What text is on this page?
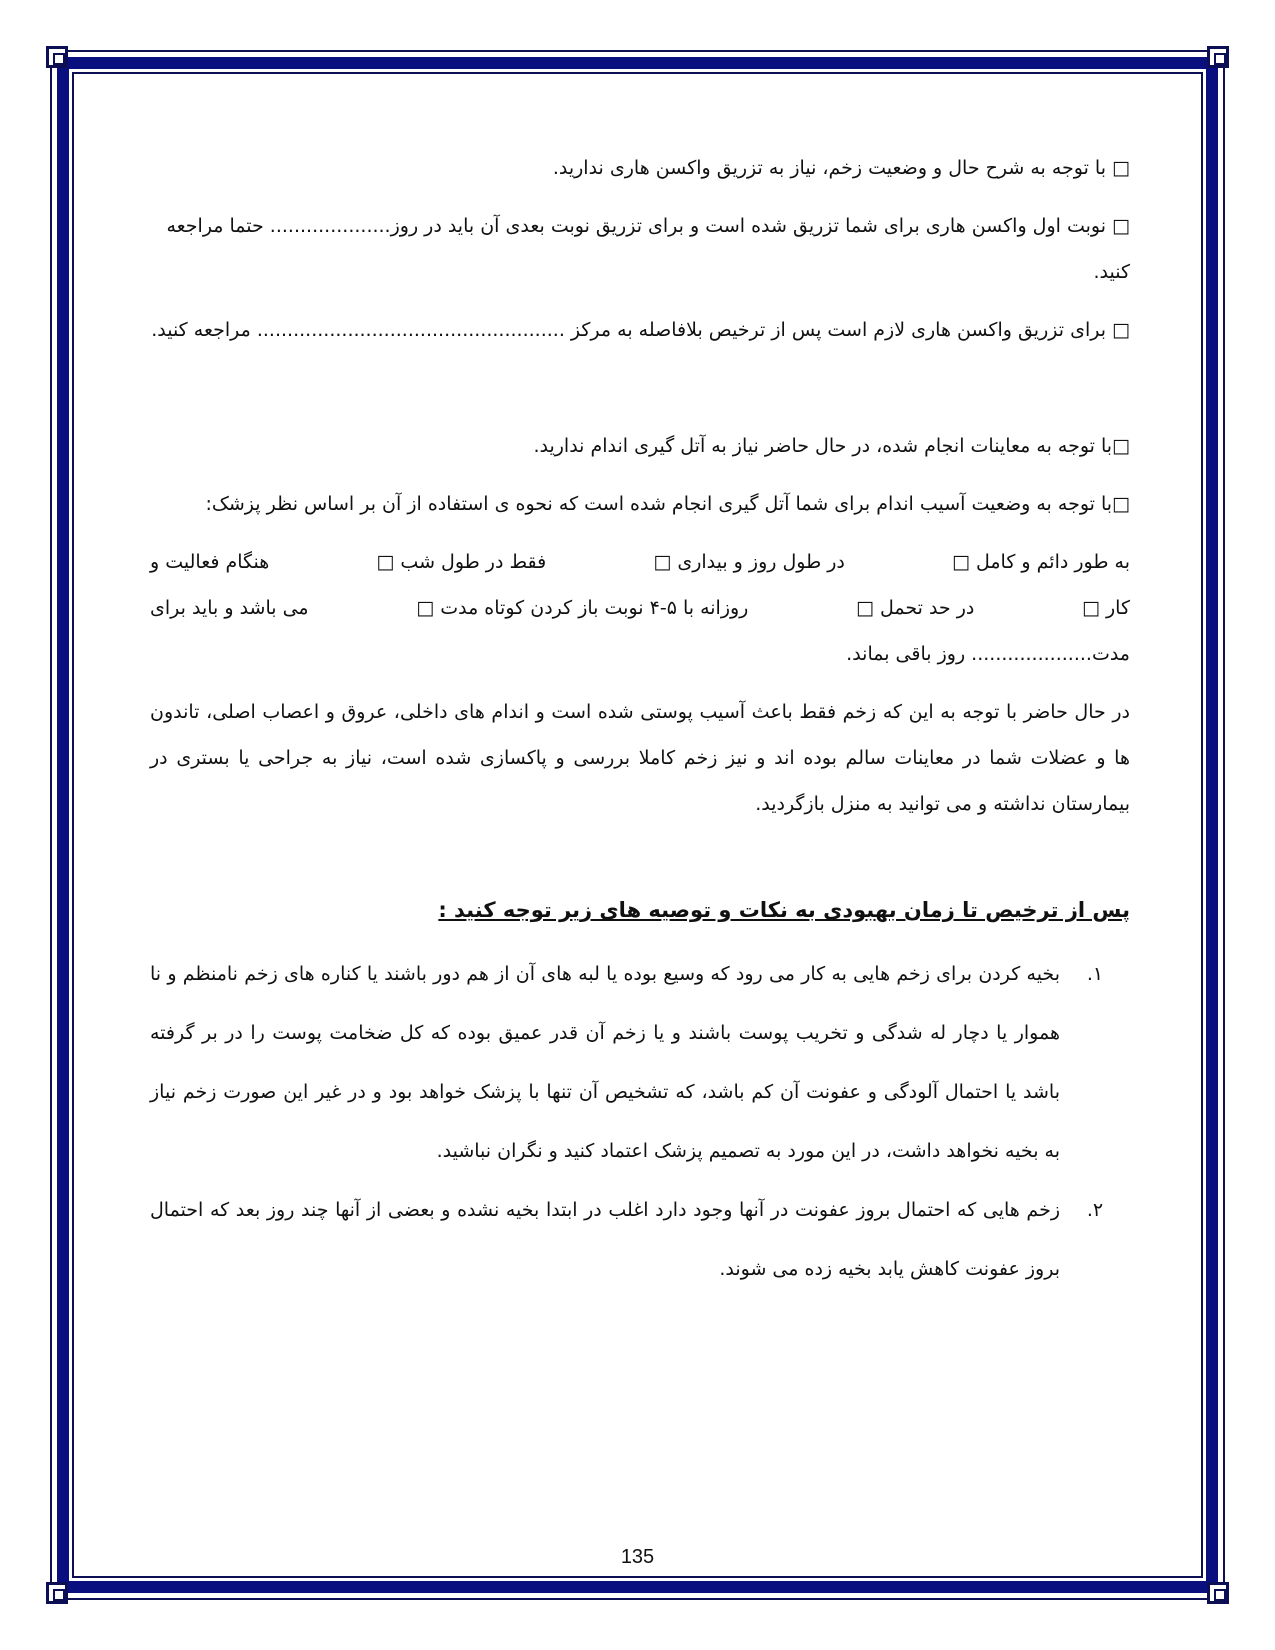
□ با توجه به شرح حال و وضعیت زخم، نیاز به تزریق واکسن هاری ندارید.

□ نوبت اول واکسن هاری برای شما تزریق شده است و برای تزریق نوبت بعدی آن باید در روز.................... حتما مراجعه کنید.

□ برای تزریق واکسن هاری لازم است پس از ترخیص بلافاصله به مرکز ................................................... مراجعه کنید.

□با توجه به معاینات انجام شده، در حال حاضر نیاز به آتل گیری اندام ندارید.

□با توجه به وضعیت آسیب اندام برای شما آتل گیری انجام شده است که نحوه ی استفاده از آن بر اساس نظر پزشک:

به طور دائم و کامل □
در طول روز و بیداری □
فقط در طول شب □
هنگام فعالیت و
کار □
در حد تحمل □
روزانه با ۵-۴ نوبت باز کردن کوتاه مدت □
می باشد و باید برای

مدت.................... روز باقی بماند.

در حال حاضر با توجه به این که زخم فقط باعث آسیب پوستی شده است و اندام های داخلی، عروق و اعصاب اصلی، تاندون ها و عضلات شما در معاینات سالم بوده اند و نیز زخم کاملا بررسی و پاکسازی شده است، نیاز به جراحی یا بستری در بیمارستان نداشته و می توانید به منزل بازگردید.

پس از ترخیص تا زمان بهبودی به نکات و توصیه های زیر توجه کنید :

۱.
بخیه کردن برای زخم هایی به کار می رود که وسیع بوده یا لبه های آن از هم دور باشند یا کناره های زخم نامنظم و نا هموار یا دچار له شدگی و تخریب پوست باشند و یا زخم آن قدر عمیق بوده که کل ضخامت پوست را در بر گرفته باشد یا احتمال آلودگی و عفونت آن کم باشد، که تشخیص آن تنها با پزشک خواهد بود و در غیر این صورت زخم نیاز به بخیه نخواهد داشت، در این مورد به تصمیم پزشک اعتماد کنید و نگران نباشید.
۲.
زخم هایی که احتمال بروز عفونت در آنها وجود دارد اغلب در ابتدا بخیه نشده و بعضی از آنها چند روز بعد که احتمال بروز عفونت کاهش یابد بخیه زده می شوند.
135
